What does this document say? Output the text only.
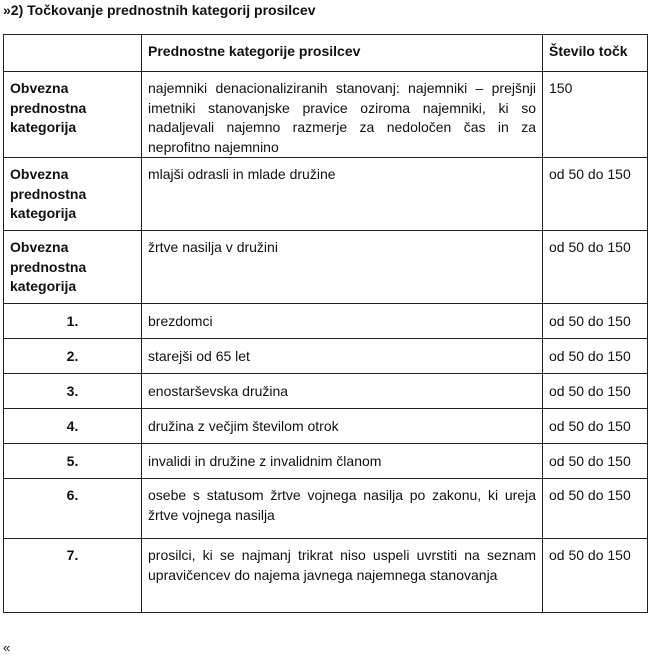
»2) Točkovanje prednostnih kategorij prosilcev
	Prednostne kategorije prosilcev	Število točk
Obvezna prednostna kategorija	najemniki denacionaliziranih stanovanj: najemniki – prejšnji imetniki stanovanjske pravice oziroma najemniki, ki so nadaljevali najemno razmerje za nedoločen čas in za neprofitno najemnino	150
Obvezna prednostna kategorija	mlajši odrasli in mlade družine	od 50 do 150
Obvezna prednostna kategorija	žrtve nasilja v družini	od 50 do 150
1.	brezdomci	od 50 do 150
2.	starejši od 65 let	od 50 do 150
3.	enostarševska družina	od 50 do 150
4.	družina z večjim številom otrok	od 50 do 150
5.	invalidi in družine z invalidnim članom	od 50 do 150
6.	osebe s statusom žrtve vojnega nasilja po zakonu, ki ureja žrtve vojnega nasilja	od 50 do 150
7.	prosilci, ki se najmanj trikrat niso uspeli uvrstiti na seznam upravičencev do najema javnega najemnega stanovanja	od 50 do 150
«
